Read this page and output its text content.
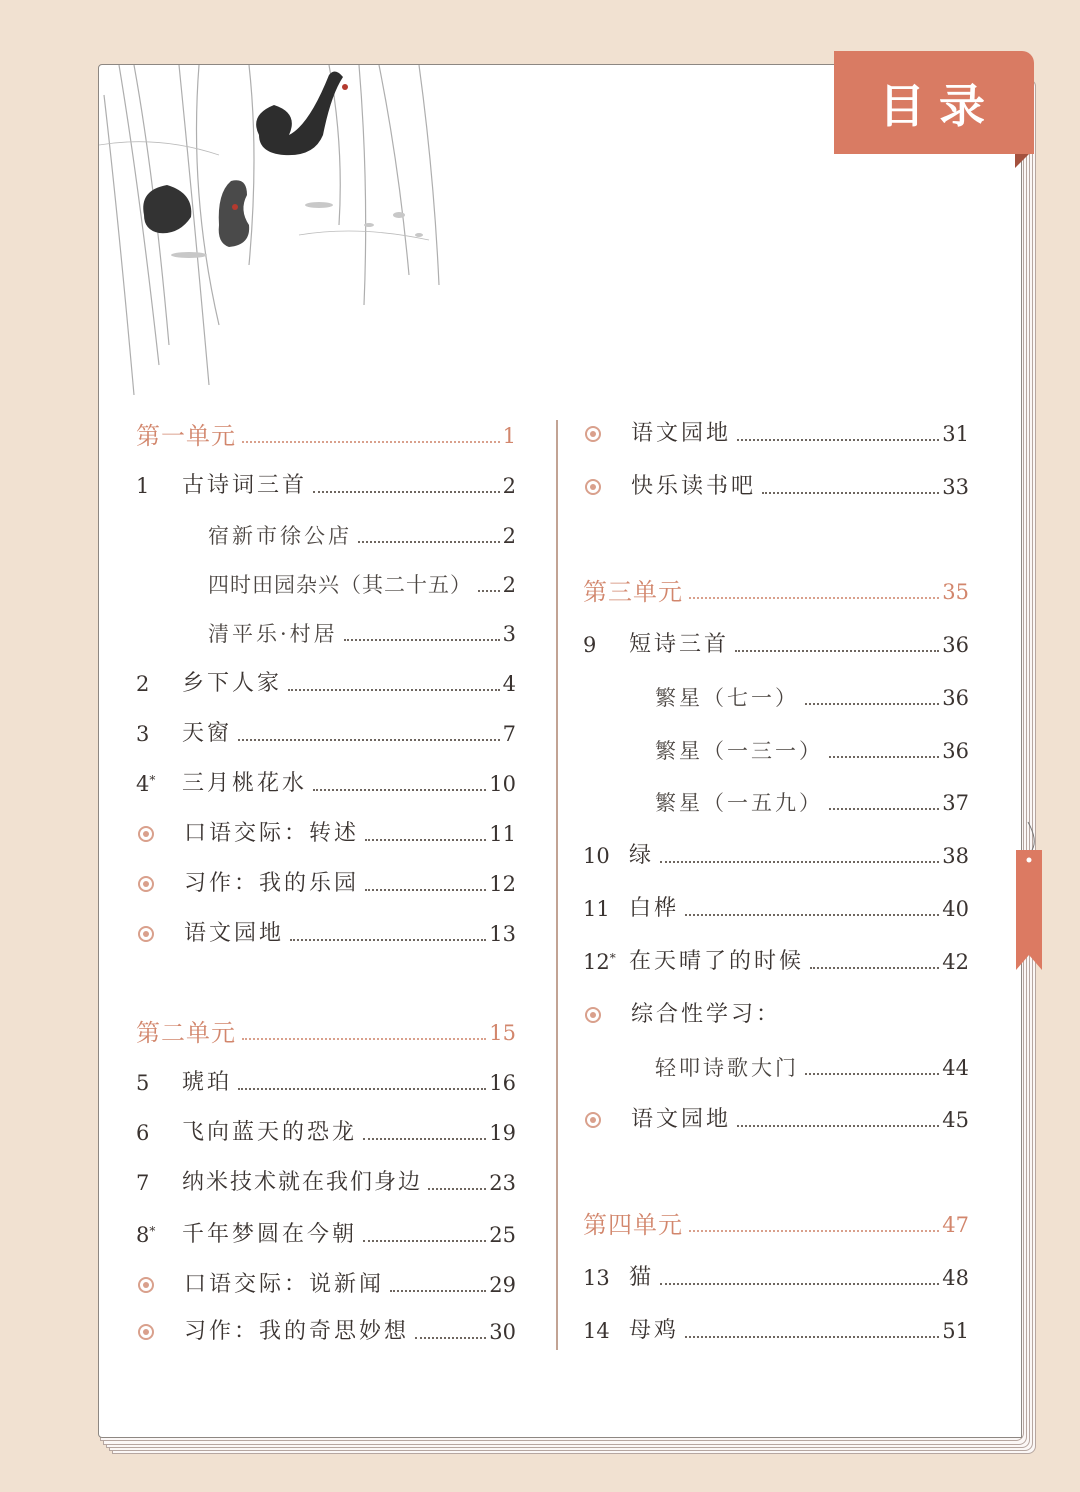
目录
第一单元	1
1	古诗词三首	2
宿新市徐公店	2
四时田园杂兴（其二十五） 2
清平乐·村居	3
2	乡下人家	4
3	天窗	7
4*	三月桃花水	10
口语交际：转述	11
习作：我的乐园	12
语文园地	13
第二单元	15
5	琥珀	16
6	飞向蓝天的恐龙	19
7	纳米技术就在我们身边	23
8*	千年梦圆在今朝	25
口语交际：说新闻	29
习作：我的奇思妙想	30
语文园地	31
快乐读书吧	33
第三单元	35
9	短诗三首	36
繁星（七一）	36
繁星（一三一）	36
繁星（一五九）	37
10 绿	38
11 白桦	40
12* 在天晴了的时候	42
综合性学习：
轻叩诗歌大门	44
语文园地	45
第四单元	47
13 猫	48
14 母鸡	51
